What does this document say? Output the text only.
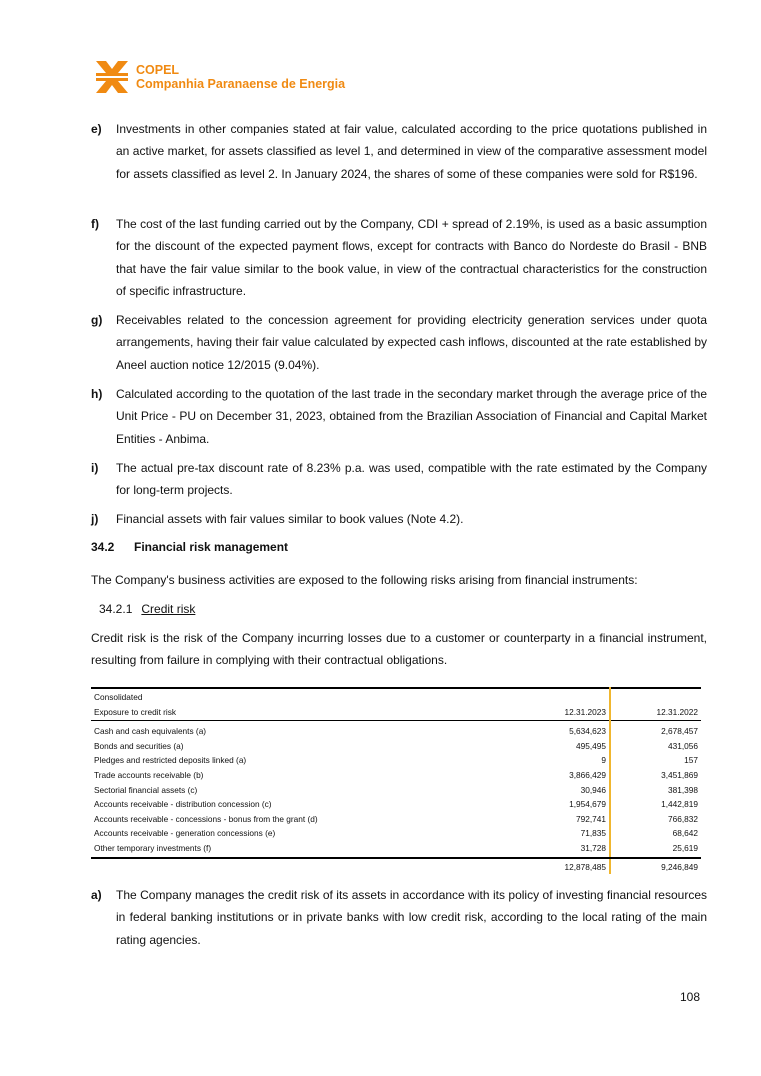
COPEL
Companhia Paranaense de Energia
e) Investments in other companies stated at fair value, calculated according to the price quotations published in an active market, for assets classified as level 1, and determined in view of the comparative assessment model for assets classified as level 2. In January 2024, the shares of some of these companies were sold for R$196.
f) The cost of the last funding carried out by the Company, CDI + spread of 2.19%, is used as a basic assumption for the discount of the expected payment flows, except for contracts with Banco do Nordeste do Brasil - BNB that have the fair value similar to the book value, in view of the contractual characteristics for the construction of specific infrastructure.
g) Receivables related to the concession agreement for providing electricity generation services under quota arrangements, having their fair value calculated by expected cash inflows, discounted at the rate established by Aneel auction notice 12/2015 (9.04%).
h) Calculated according to the quotation of the last trade in the secondary market through the average price of the Unit Price - PU on December 31, 2023, obtained from the Brazilian Association of Financial and Capital Market Entities - Anbima.
i) The actual pre-tax discount rate of 8.23% p.a. was used, compatible with the rate estimated by the Company for long-term projects.
j) Financial assets with fair values similar to book values (Note 4.2).
34.2 Financial risk management
The Company's business activities are exposed to the following risks arising from financial instruments:
34.2.1 Credit risk
Credit risk is the risk of the Company incurring losses due to a customer or counterparty in a financial instrument, resulting from failure in complying with their contractual obligations.
Consolidated		
Exposure to credit risk	12.31.2023	12.31.2022
Cash and cash equivalents (a)	5,634,623	2,678,457
Bonds and securities (a)	495,495	431,056
Pledges and restricted deposits linked (a)	9	157
Trade accounts receivable (b)	3,866,429	3,451,869
Sectorial financial assets (c)	30,946	381,398
Accounts receivable - distribution concession (c)	1,954,679	1,442,819
Accounts receivable - concessions - bonus from the grant (d)	792,741	766,832
Accounts receivable - generation concessions (e)	71,835	68,642
Other temporary investments (f)	31,728	25,619
	12,878,485	9,246,849
a) The Company manages the credit risk of its assets in accordance with its policy of investing financial resources in federal banking institutions or in private banks with low credit risk, according to the local rating of the main rating agencies.
108
